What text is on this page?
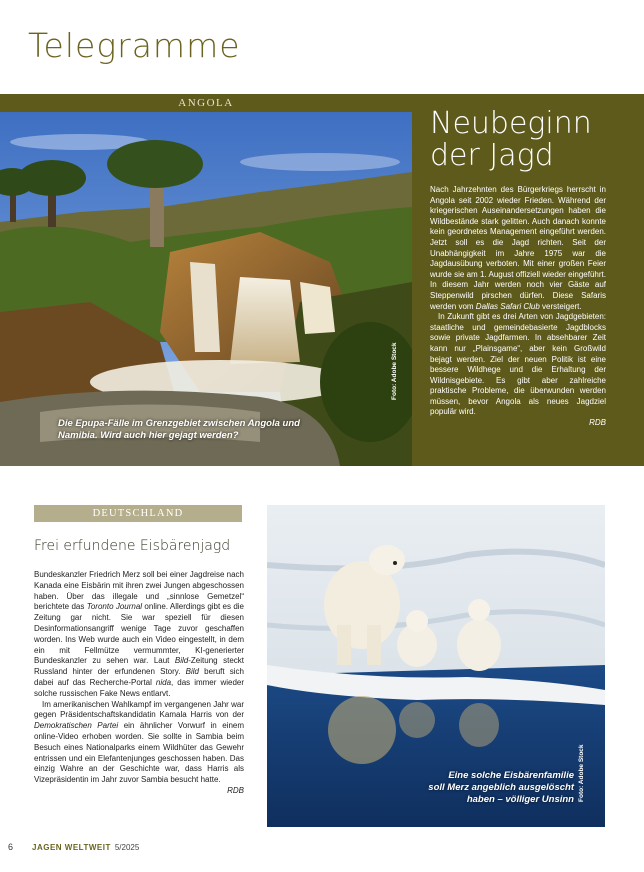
Telegramme
ANGOLA
Die Epupa-Fälle im Grenzgebiet zwischen Angola und Namibia. Wird auch hier gejagt werden?
Foto: Adobe Stock
Neubeginn
der Jagd

Nach Jahrzehnten des Bürgerkriegs herrscht in Angola seit 2002 wieder Frieden. Während der kriegerischen Auseinandersetzungen haben die Wildbestände stark gelitten. Auch danach konnte kein geordnetes Management eingeführt werden. Jetzt soll es die Jagd richten. Seit der Unabhängigkeit im Jahre 1975 war die Jagdausübung verboten. Mit einer großen Feier wurde sie am 1. August offiziell wieder eingeführt. In diesem Jahr werden noch vier Gäste auf Steppenwild pirschen dürfen. Diese Safaris werden vom Dallas Safari Club versteigert.

In Zukunft gibt es drei Arten von Jagdgebieten: staatliche und gemeindebasierte Jagdblocks sowie private Jagdfarmen. In absehbarer Zeit kann nur „Plainsgame“, aber kein Großwild bejagt werden. Ziel der neuen Politik ist eine bessere Wildhege und die Erhaltung der Wildnisgebiete. Es gibt aber zahlreiche praktische Probleme, die überwunden werden müssen, bevor Angola als neues Jagdziel populär wird.

RDB
DEUTSCHLAND
Frei erfundene Eisbärenjagd

Bundeskanzler Friedrich Merz soll bei einer Jagdreise nach Kanada eine Eisbärin mit ihren zwei Jungen abgeschossen haben. Über das illegale und „sinnlose Gemetzel“ berichtete das Toronto Journal online. Allerdings gibt es die Zeitung gar nicht. Sie war speziell für diesen Desinformationsangriff wenige Tage zuvor geschaffen worden. Ins Web wurde auch ein Video eingestellt, in dem ein mit Fellmütze vermummter, KI-generierter Bundeskanzler zu sehen war. Laut Bild-Zeitung steckt Russland hinter der erfundenen Story. Bild beruft sich dabei auf das Recherche-Portal nida, das immer wieder solche russischen Fake News entlarvt.

Im amerikanischen Wahlkampf im vergangenen Jahr war gegen Präsidentschaftskandidatin Kamala Harris von der Demokratischen Partei ein ähnlicher Vorwurf in einem online-Video erhoben worden. Sie sollte in Sambia beim Besuch eines Nationalparks einem Wildhüter das Gewehr entrissen und ein Elefantenjunges geschossen haben. Das einzig Wahre an der Geschichte war, dass Harris als Vizepräsidentin im Jahr zuvor Sambia besucht hatte.

RDB
Eine solche Eisbärenfamilie
soll Merz angeblich ausgelöscht
haben – völliger Unsinn Foto: Adobe Stock
6 JAGEN WELTWEIT 5/2025
